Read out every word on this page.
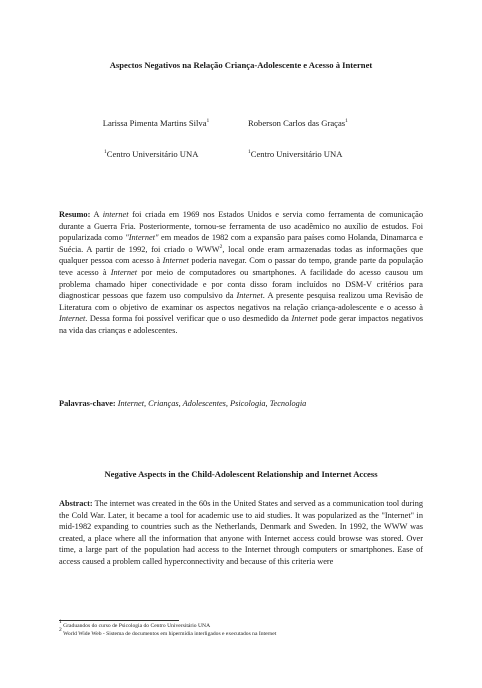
Aspectos Negativos na Relação Criança-Adolescente e Acesso à Internet
Larissa Pimenta Martins Silva$^1$	Roberson Carlos das Graças$^1$
$^1$Centro Universitário UNA	$^1$Centro Universitário UNA
Resumo: A internet foi criada em 1969 nos Estados Unidos e servia como ferramenta de comunicação durante a Guerra Fria. Posteriormente, tornou-se ferramenta de uso acadêmico no auxílio de estudos. Foi popularizada como "Internet" em meados de 1982 com a expansão para países como Holanda, Dinamarca e Suécia. A partir de 1992, foi criado o WWW$^2$, local onde eram armazenadas todas as informações que qualquer pessoa com acesso à Internet poderia navegar. Com o passar do tempo, grande parte da população teve acesso à Internet por meio de computadores ou smartphones. A facilidade do acesso causou um problema chamado hiper conectividade e por conta disso foram incluídos no DSM-V critérios para diagnosticar pessoas que fazem uso compulsivo da Internet. A presente pesquisa realizou uma Revisão de Literatura com o objetivo de examinar os aspectos negativos na relação criança-adolescente e o acesso à Internet. Dessa forma foi possível verificar que o uso desmedido da Internet pode gerar impactos negativos na vida das crianças e adolescentes.
Palavras-chave: Internet, Crianças, Adolescentes, Psicologia, Tecnologia
Negative Aspects in the Child-Adolescent Relationship and Internet Access
Abstract: The internet was created in the 60s in the United States and served as a communication tool during the Cold War. Later, it became a tool for academic use to aid studies. It was popularized as the "Internet" in mid-1982 expanding to countries such as the Netherlands, Denmark and Sweden. In 1992, the WWW was created, a place where all the information that anyone with Internet access could browse was stored. Over time, a large part of the population had access to the Internet through computers or smartphones. Ease of access caused a problem called hyperconnectivity and because of this criteria were
$^1$ Graduandos do curso de Psicologia do Centro Universitário UNA
$^2$ World Wide Web - Sistema de documentos em hipermídia interligados e executados na Internet
